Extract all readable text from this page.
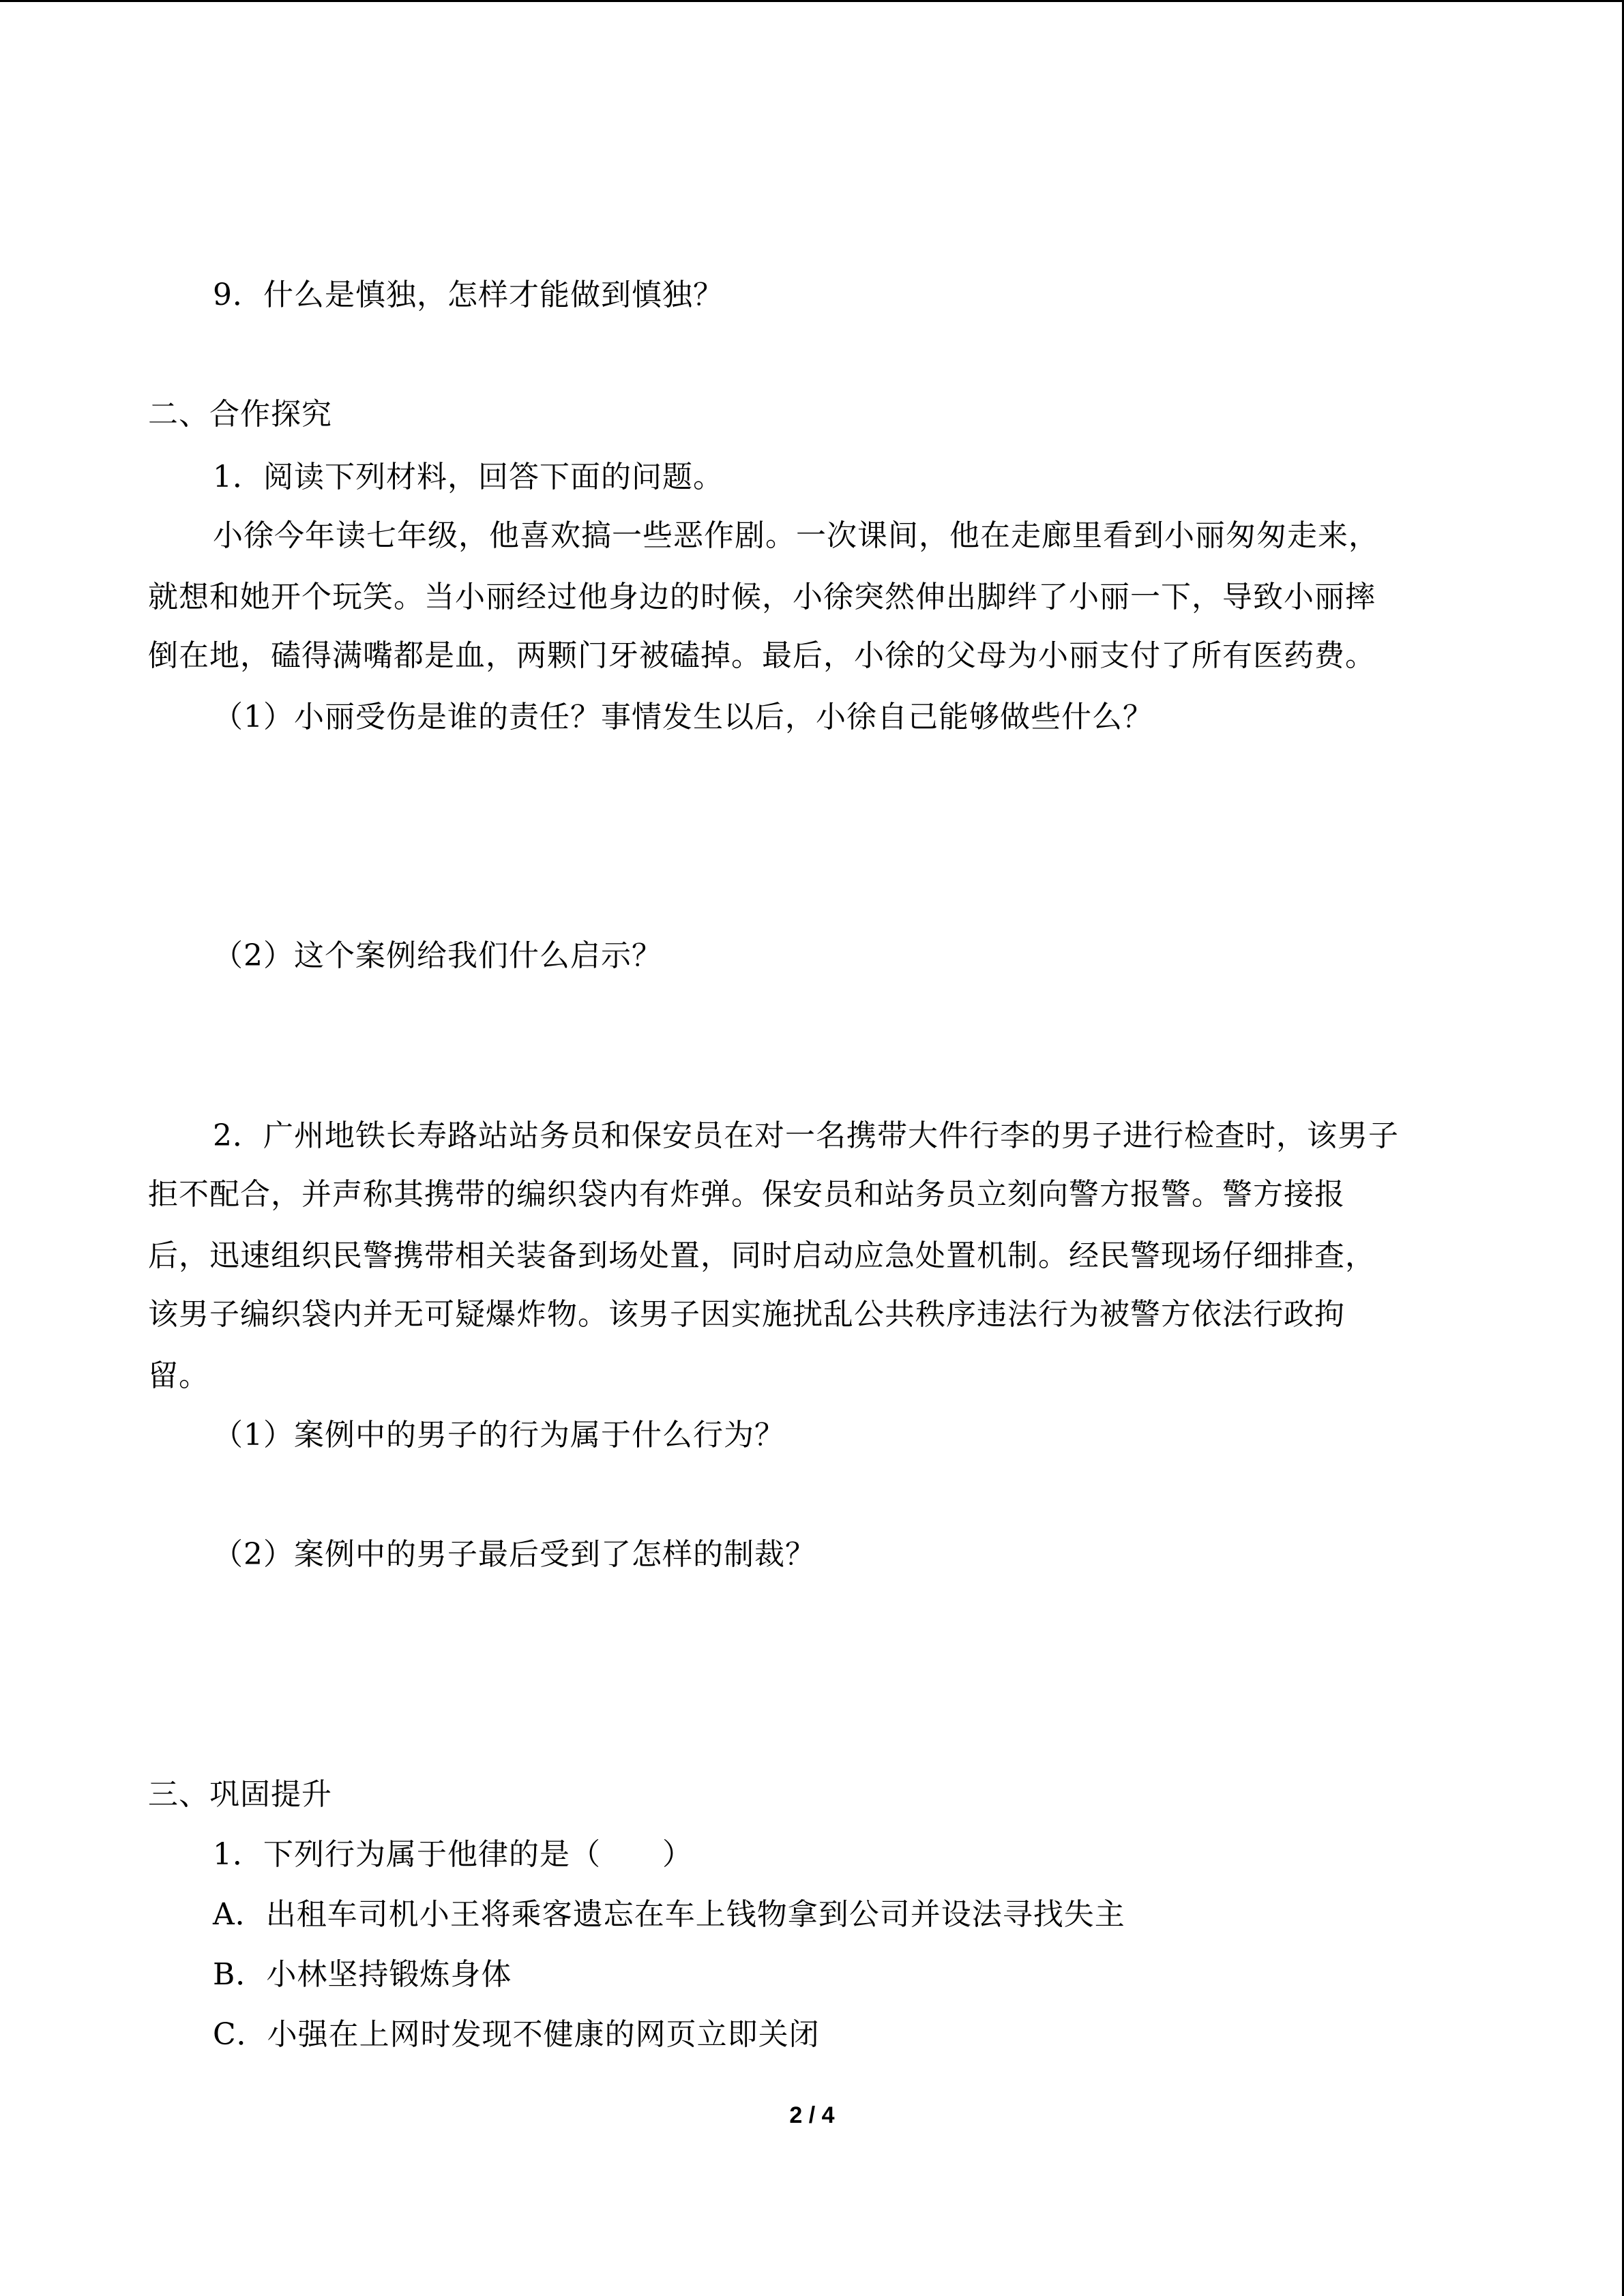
9．什么是慎独，怎样才能做到慎独？
二、合作探究
1．阅读下列材料，回答下面的问题。
小徐今年读七年级，他喜欢搞一些恶作剧。一次课间，他在走廊里看到小丽匆匆走来，
就想和她开个玩笑。当小丽经过他身边的时候，小徐突然伸出脚绊了小丽一下，导致小丽摔
倒在地，磕得满嘴都是血，两颗门牙被磕掉。最后，小徐的父母为小丽支付了所有医药费。
（1）小丽受伤是谁的责任？事情发生以后，小徐自己能够做些什么？
（2）这个案例给我们什么启示？
2．广州地铁长寿路站站务员和保安员在对一名携带大件行李的男子进行检查时，该男子
拒不配合，并声称其携带的编织袋内有炸弹。保安员和站务员立刻向警方报警。警方接报
后，迅速组织民警携带相关装备到场处置，同时启动应急处置机制。经民警现场仔细排查，
该男子编织袋内并无可疑爆炸物。该男子因实施扰乱公共秩序违法行为被警方依法行政拘
留。
（1）案例中的男子的行为属于什么行为？
（2）案例中的男子最后受到了怎样的制裁？
三、巩固提升
1．下列行为属于他律的是（　　）
A．出租车司机小王将乘客遗忘在车上钱物拿到公司并设法寻找失主
B．小林坚持锻炼身体
C．小强在上网时发现不健康的网页立即关闭
2 / 4
